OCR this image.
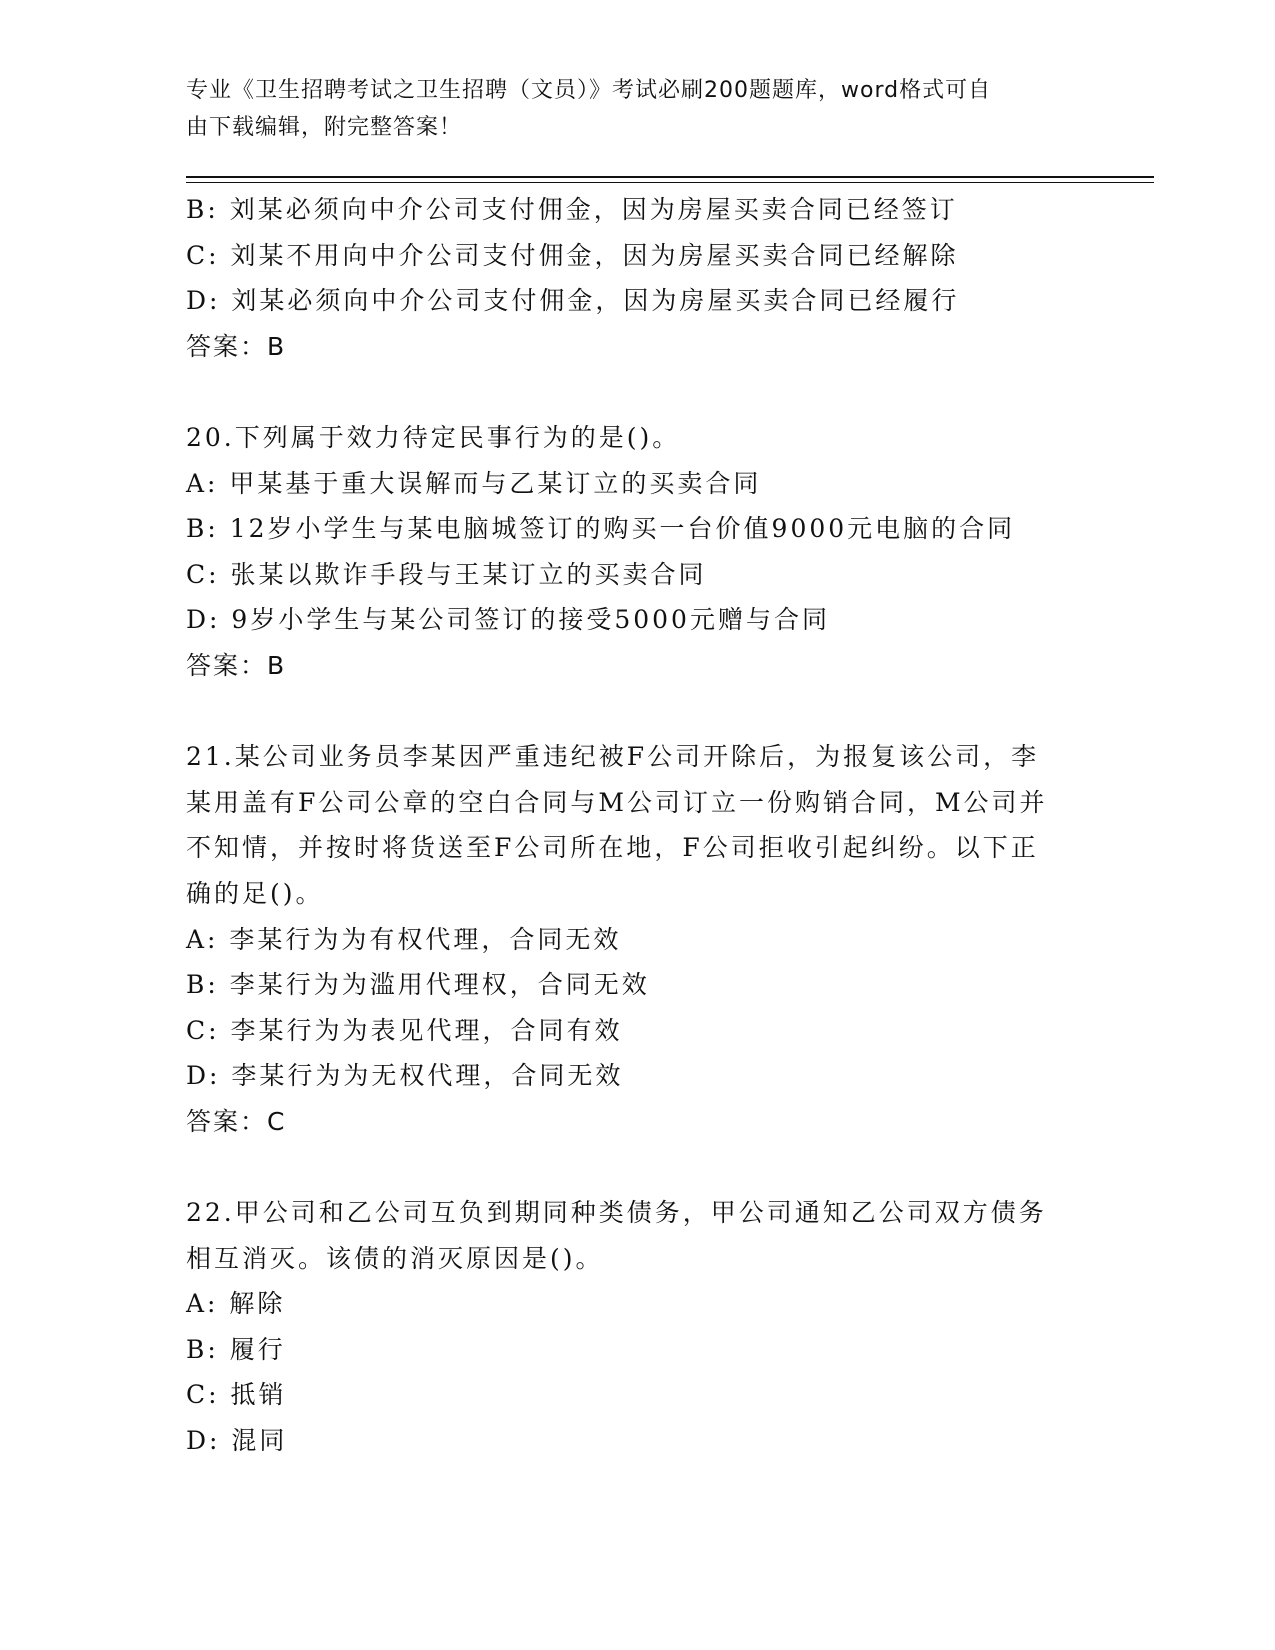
专业《卫生招聘考试之卫生招聘（文员）》考试必刷200题题库，word格式可自
由下载编辑，附完整答案！
B: 刘某必须向中介公司支付佣金，因为房屋买卖合同已经签订
C: 刘某不用向中介公司支付佣金，因为房屋买卖合同已经解除
D: 刘某必须向中介公司支付佣金，因为房屋买卖合同已经履行
答案：B
20.下列属于效力待定民事行为的是()。
A: 甲某基于重大误解而与乙某订立的买卖合同
B: 12岁小学生与某电脑城签订的购买一台价值9000元电脑的合同
C: 张某以欺诈手段与王某订立的买卖合同
D: 9岁小学生与某公司签订的接受5000元赠与合同
答案：B
21.某公司业务员李某因严重违纪被F公司开除后，为报复该公司，李
某用盖有F公司公章的空白合同与M公司订立一份购销合同，M公司并
不知情，并按时将货送至F公司所在地，F公司拒收引起纠纷。以下正
确的足()。
A: 李某行为为有权代理，合同无效
B: 李某行为为滥用代理权，合同无效
C: 李某行为为表见代理，合同有效
D: 李某行为为无权代理，合同无效
答案：C
22.甲公司和乙公司互负到期同种类债务，甲公司通知乙公司双方债务
相互消灭。该债的消灭原因是()。
A: 解除
B: 履行
C: 抵销
D: 混同
